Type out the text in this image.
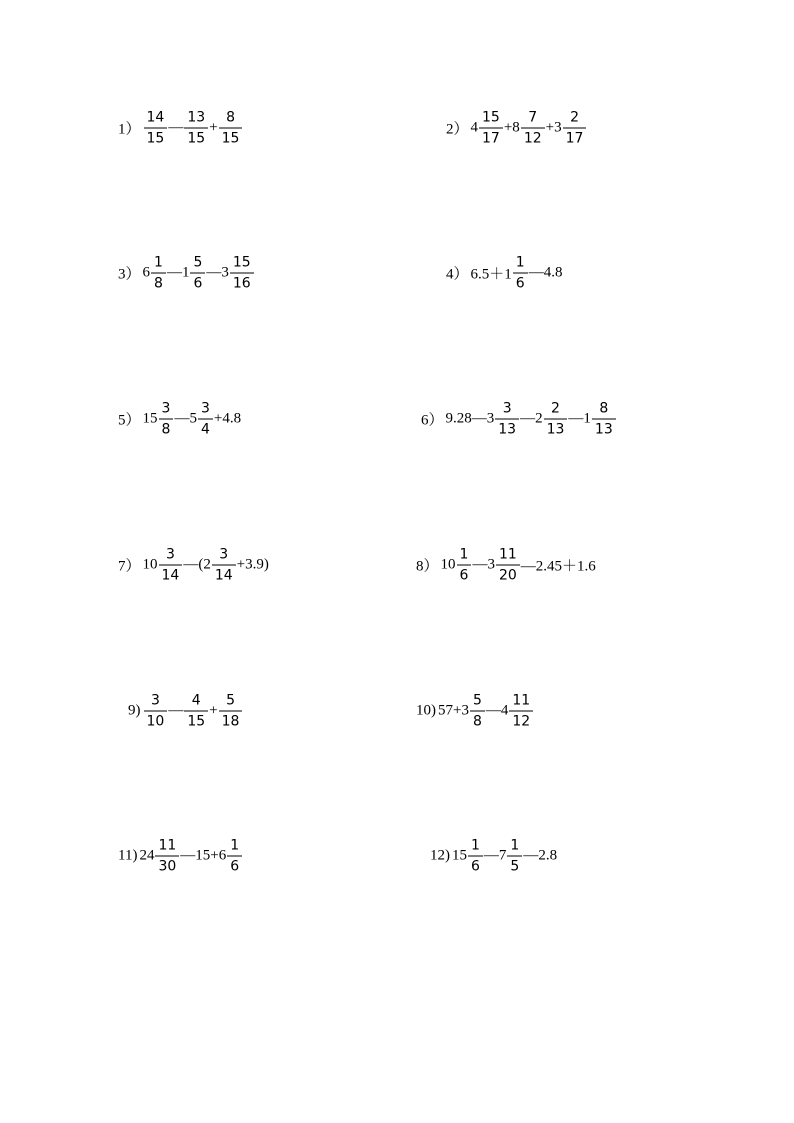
$1) \frac{14}{15}$ — $\frac{13}{15} + \frac{8}{15}$	2） $4 \frac{15}{17} +8 \frac{7}{12} +3 \frac{2}{17}$
3） $6 \frac{1}{8}$ —1 $\frac{5}{6}$ —3 $\frac{15}{16}$	4） $6.5+1 \frac{1}{6}$ —4.8
5） $15 \frac{3}{8}$ —5 $\frac{3}{4} +4.8$	6） 9.28—3 $\frac{3}{13}$ —2 $\frac{2}{13}$ —1 $\frac{8}{13}$
7） $10 \frac{3}{14}$ —(2 $\frac{3}{14} +3.9$)	8） $10 \frac{1}{6}$ —3 $\frac{11}{20}$ —2.45＋1.6
$9) \frac{3}{10}$ — $\frac{4}{15} + \frac{5}{18}$	10) $57+3 \frac{5}{8}$ —4 $\frac{11}{12}$
11) $24 \frac{11}{30}$ —15+6 $\frac{1}{6}$	12) $15 \frac{1}{6}$ —7 $\frac{1}{5}$ —2.8
